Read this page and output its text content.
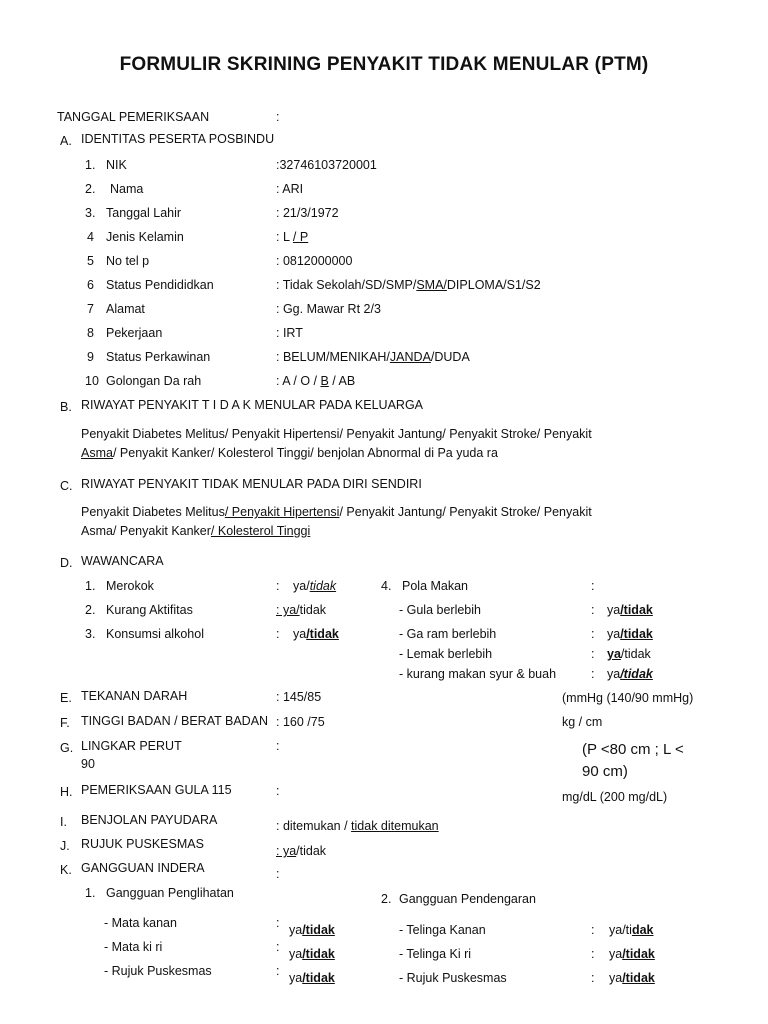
FORMULIR SKRINING PENYAKIT TIDAK MENULAR (PTM)
TANGGAL PEMERIKSAAN	:
A. IDENTITAS PESERTA POSBINDU
1. NIK	:32746103720001
2. Nama	: ARI
3. Tanggal Lahir	: 21/3/1972
4 Jenis Kelamin	: L / P
5 No tel p	: 0812000000
6 Status Pendididkan	: Tidak Sekolah/SD/SMP/SMA/DIPLOMA/S1/S2
7 Alamat	: Gg. Mawar Rt 2/3
8 Pekerjaan	: IRT
9 Status Perkawinan	: BELUM/MENIKAH/JANDA/DUDA
10 Golongan Da rah	: A / O / B / AB
B. RIWAYAT PENYAKIT T I D A K MENULAR PADA KELUARGA
Penyakit Diabetes Melitus/ Penyakit Hipertensi/ Penyakit Jantung/ Penyakit Stroke/ Penyakit
Asma/ Penyakit Kanker/ Kolesterol Tinggi/ benjolan Abnormal di Pa yuda ra
C. RIWAYAT PENYAKIT TIDAK MENULAR PADA DIRI SENDIRI
Penyakit Diabetes Melitus/ Penyakit Hipertensi/ Penyakit Jantung/ Penyakit Stroke/ Penyakit
Asma/ Penyakit Kanker/ Kolesterol Tinggi
D. WAWANCARA
1. Merokok	: ya/tidak
2. Kurang Aktifitas	: ya/tidak
3. Konsumsi alkohol	: ya/tidak
4. Pola Makan	:
- Gula berlebih	: ya/tidak
- Ga ram berlebih	: ya/tidak
- Lemak berlebih	: ya/tidak
- kurang makan syur & buah	: ya/tidak
E. TEKANAN DARAH	: 145/85	(mmHg (140/90 mmHg)
F. TINGGI BADAN / BERAT BADAN : 160 /75	kg / cm
G. LINGKAR PERUT
90
:	(P <80 cm ; L <
90 cm)
H. PEMERIKSAAN GULA 115	:	mg/dL (200 mg/dL)
I. BENJOLAN PAYUDARA	: ditemukan / tidak ditemukan
J. RUJUK PUSKESMAS	: ya/tidak
K. GANGGUAN INDERA	:
1. Gangguan Penglihatan	2. Gangguan Pendengaran
- Mata kanan	: ya/tidak
- Mata ki ri	: ya/tidak
- Rujuk Puskesmas	: ya/tidak
- Telinga Kanan	: ya/tidak
- Telinga Ki ri	: ya/tidak
- Rujuk Puskesmas	: ya/tidak
